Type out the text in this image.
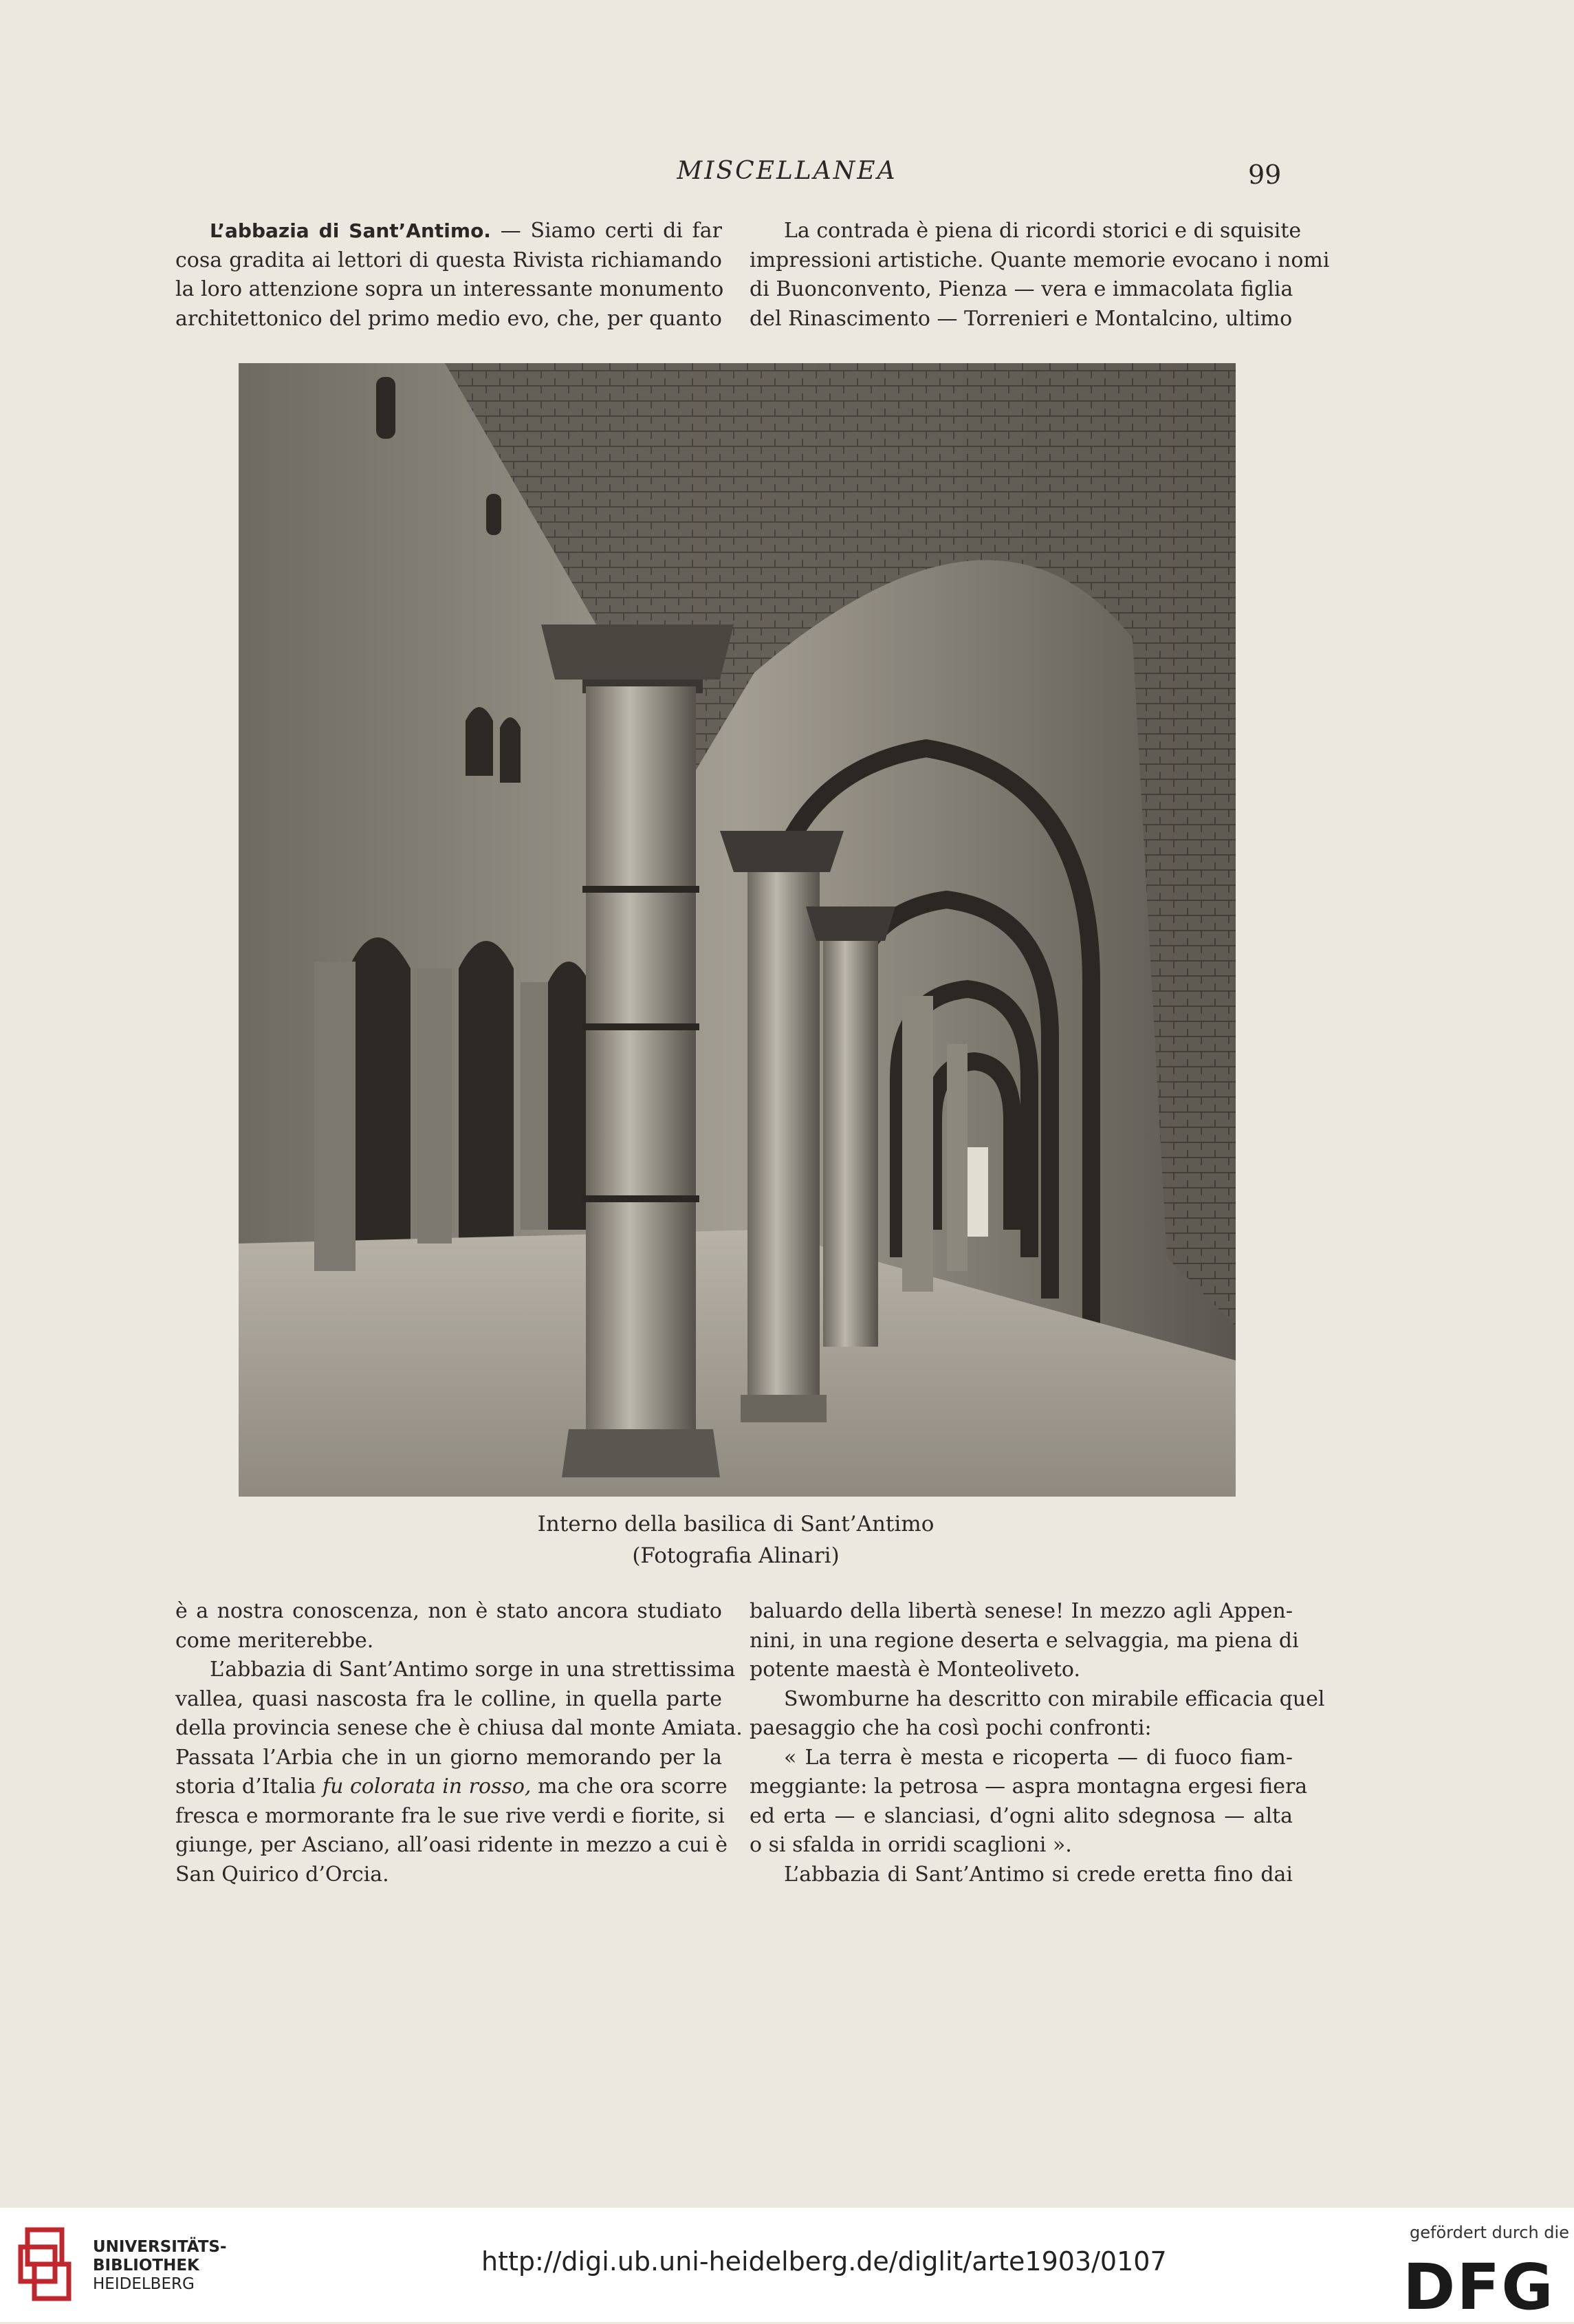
MISCELLANEA	99
L’abbazia di Sant’Antimo. — Siamo certi di far
cosa gradita ai lettori di questa Rivista richiamando
la loro attenzione sopra un interessante monumento
architettonico del primo medio evo, che, per quanto
La contrada è piena di ricordi storici e di squisite
impressioni artistiche. Quante memorie evocano i nomi
di Buonconvento, Pienza — vera e immacolata figlia
del Rinascimento — Torrenieri e Montalcino, ultimo
Interno della basilica di Sant’Antimo
(Fotografia Alinari)
è a nostra conoscenza, non è stato ancora studiato
come meriterebbe.
L’abbazia di Sant’Antimo sorge in una strettissima
vallea, quasi nascosta fra le colline, in quella parte
della provincia senese che è chiusa dal monte Amiata.
Passata l’Arbia che in un giorno memorando per la
storia d’Italia fu colorata in rosso, ma che ora scorre
fresca e mormorante fra le sue rive verdi e fiorite, si
giunge, per Asciano, all’oasi ridente in mezzo a cui è
San Quirico d’Orcia.
baluardo della libertà senese! In mezzo agli Appen-
nini, in una regione deserta e selvaggia, ma piena di
potente maestà è Monteoliveto.
Swomburne ha descritto con mirabile efficacia quel
paesaggio che ha così pochi confronti:
« La terra è mesta e ricoperta — di fuoco fiam-
meggiante: la petrosa — aspra montagna ergesi fiera
ed erta — e slanciasi, d’ogni alito sdegnosa — alta
o si sfalda in orridi scaglioni ».
L’abbazia di Sant’Antimo si crede eretta fino dai
UNIVERSITÄTS-
BIBLIOTHEK
HEIDELBERG
http://digi.ub.uni-heidelberg.de/diglit/arte1903/0107
gefördert durch die
DFG
